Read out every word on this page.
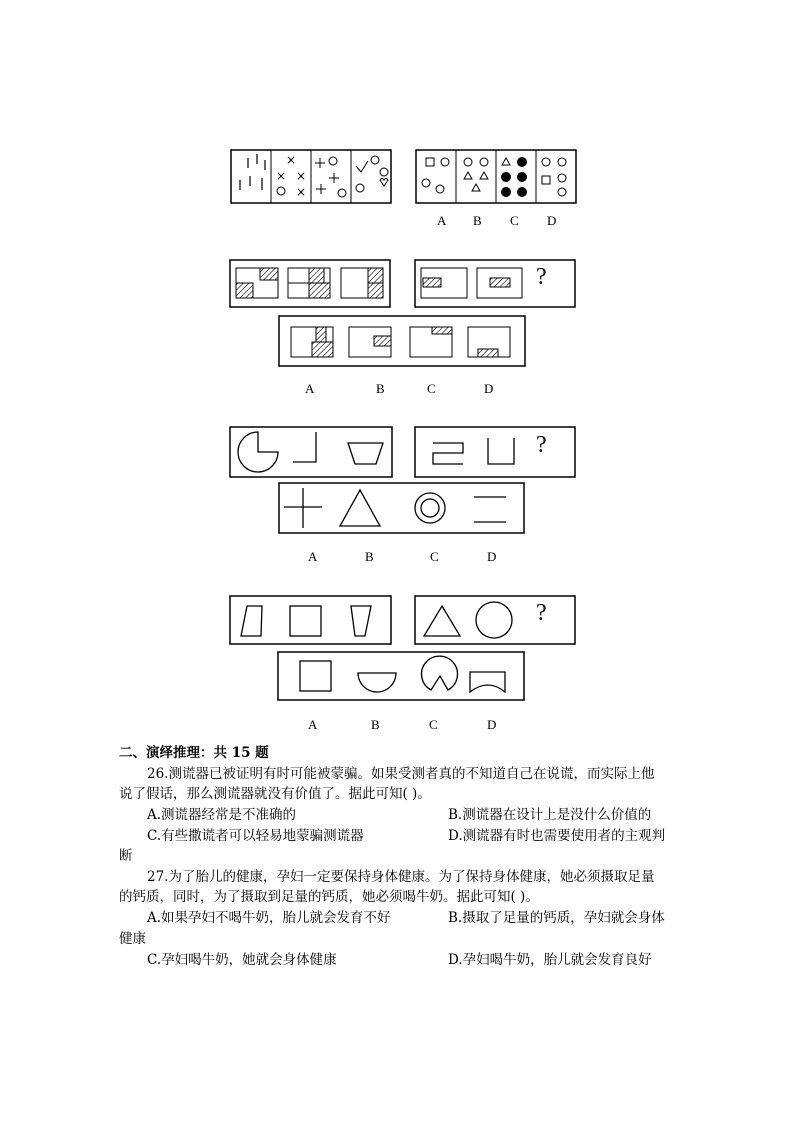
×
× ×
×
?
?
?
A B C D
A	B	C	D
A	B	C	D
A	B	C	D
二、演绎推理：共 15 题
26.测谎器已被证明有时可能被蒙骗。如果受测者真的不知道自己在说谎，而实际上他
说了假话，那么测谎器就没有价值了。据此可知( )。
A.测谎器经常是不准确的	B.测谎器在设计上是没什么价值的
C.有些撒谎者可以轻易地蒙骗测谎器	D.测谎器有时也需要使用者的主观判
断
27.为了胎儿的健康，孕妇一定要保持身体健康。为了保持身体健康，她必须摄取足量
的钙质，同时，为了摄取到足量的钙质，她必须喝牛奶。据此可知( )。
A.如果孕妇不喝牛奶，胎儿就会发育不好	B.摄取了足量的钙质，孕妇就会身体
健康
C.孕妇喝牛奶，她就会身体健康	D.孕妇喝牛奶，胎儿就会发育良好
